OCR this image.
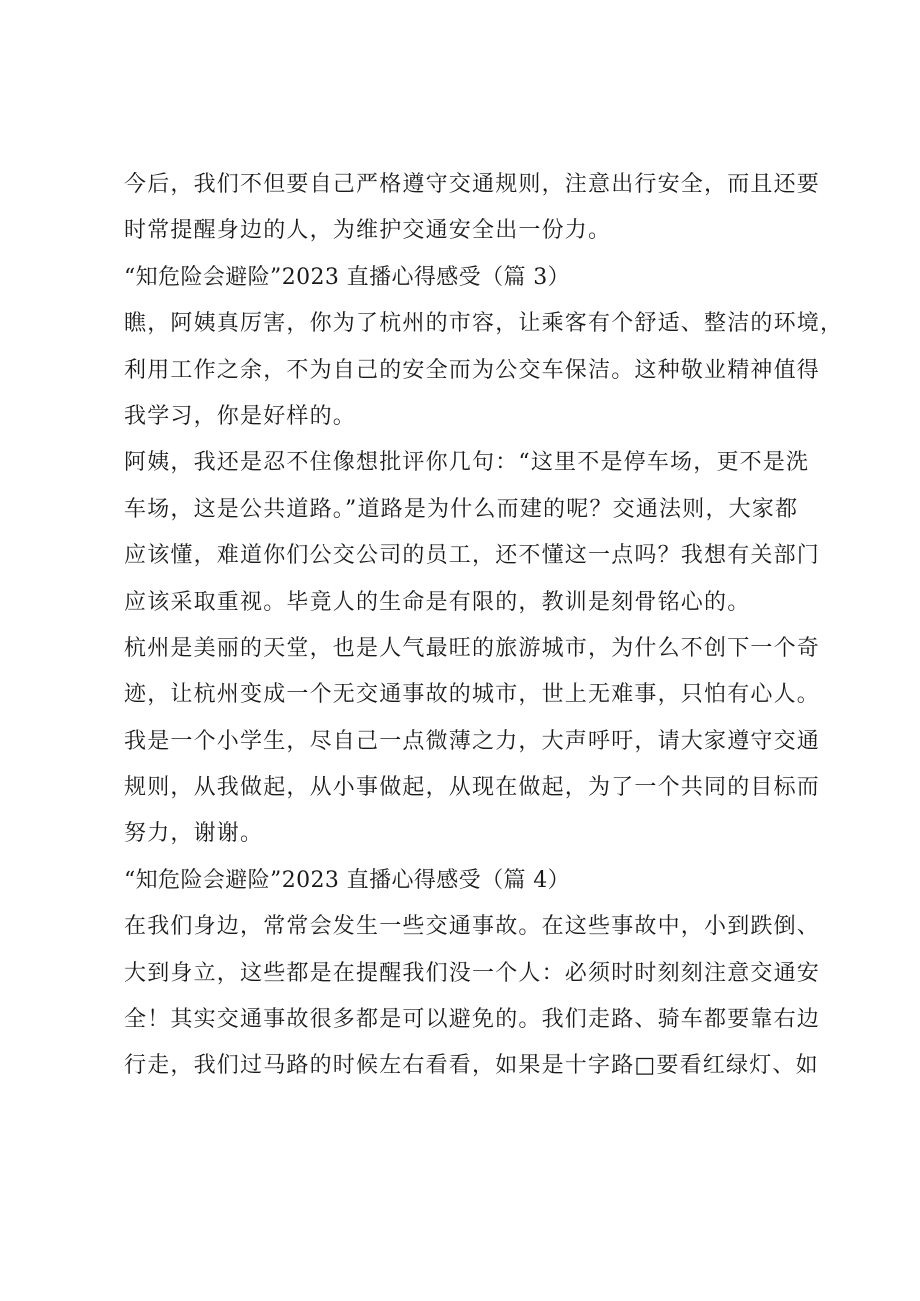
今后，我们不但要自己严格遵守交通规则，注意出行安全，而且还要
时常提醒身边的人，为维护交通安全出一份力。
“知危险会避险”2023 直播心得感受（篇 3）
瞧，阿姨真厉害，你为了杭州的市容，让乘客有个舒适、整洁的环境，
利用工作之余，不为自己的安全而为公交车保洁。这种敬业精神值得
我学习，你是好样的。
阿姨，我还是忍不住像想批评你几句：“这里不是停车场，更不是洗
车场，这是公共道路。”道路是为什么而建的呢？交通法则，大家都
应该懂，难道你们公交公司的员工，还不懂这一点吗？我想有关部门
应该采取重视。毕竟人的生命是有限的，教训是刻骨铭心的。
杭州是美丽的天堂，也是人气最旺的旅游城市，为什么不创下一个奇
迹，让杭州变成一个无交通事故的城市，世上无难事，只怕有心人。
我是一个小学生，尽自己一点微薄之力，大声呼吁，请大家遵守交通
规则，从我做起，从小事做起，从现在做起，为了一个共同的目标而
努力，谢谢。
“知危险会避险”2023 直播心得感受（篇 4）
在我们身边，常常会发生一些交通事故。在这些事故中，小到跌倒、
大到身立，这些都是在提醒我们没一个人：必须时时刻刻注意交通安
全！其实交通事故很多都是可以避免的。我们走路、骑车都要靠右边
行走，我们过马路的时候左右看看，如果是十字路□要看红绿灯、如
